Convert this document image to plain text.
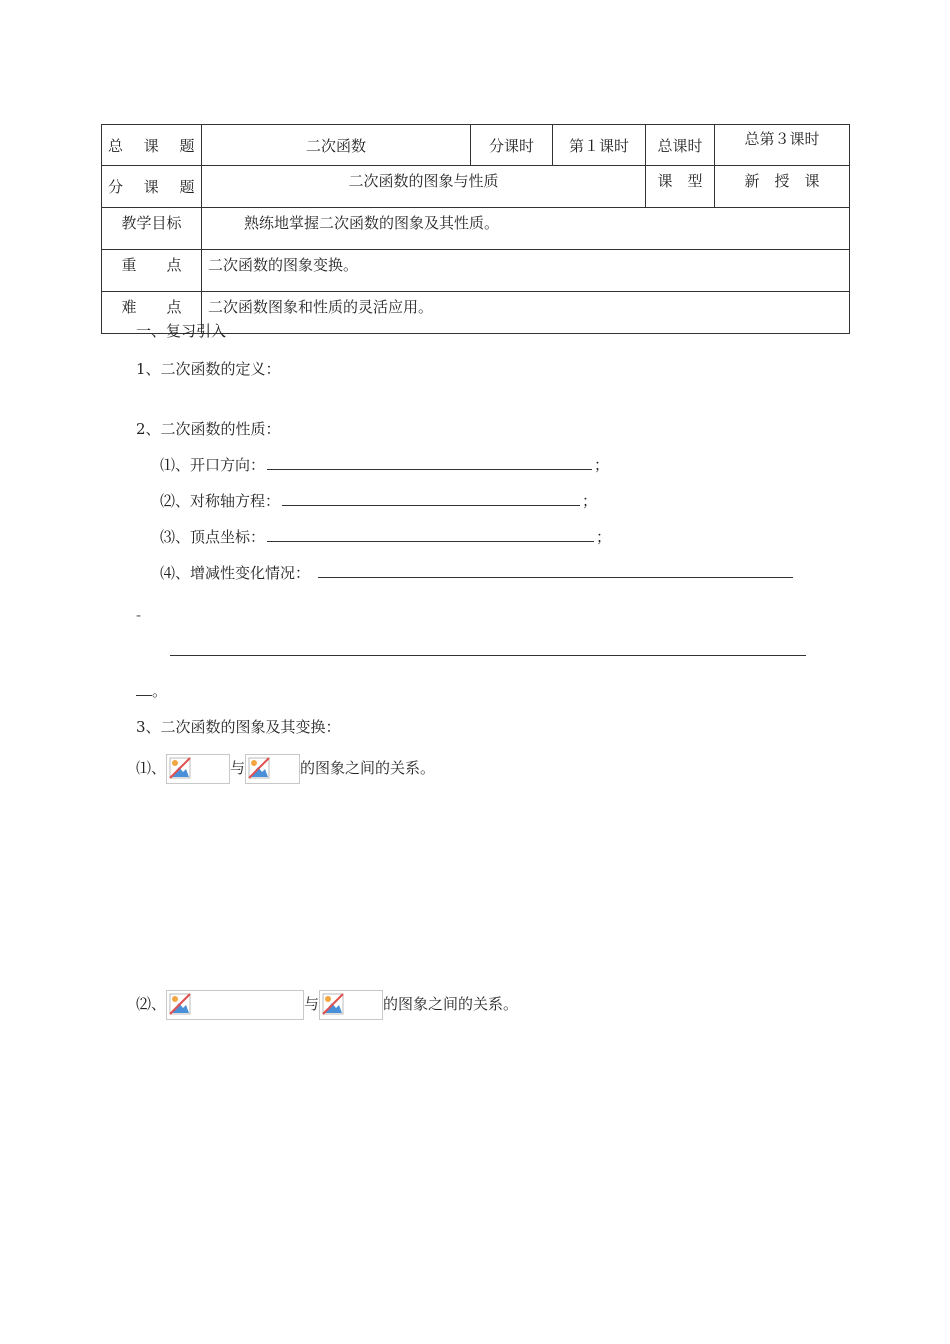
总 课 题	二次函数	分课时	第１课时	总课时	总第３课时
分 课 题	二次函数的图象与性质			课　型	新　授　课
教学目标	熟练地掌握二次函数的图象及其性质。				
重　　点	二次函数的图象变换。				
难　　点	二次函数图象和性质的灵活应用。				
一、复习引入
1、二次函数的定义：
2、二次函数的性质：
⑴、开口方向：	；
⑵、对称轴方程：	；
⑶、顶点坐标：	；
⑷、增减性变化情况：
-
。
3、二次函数的图象及其变换：
⑴、	与	的图象之间的关系。
⑵、	与	的图象之间的关系。
